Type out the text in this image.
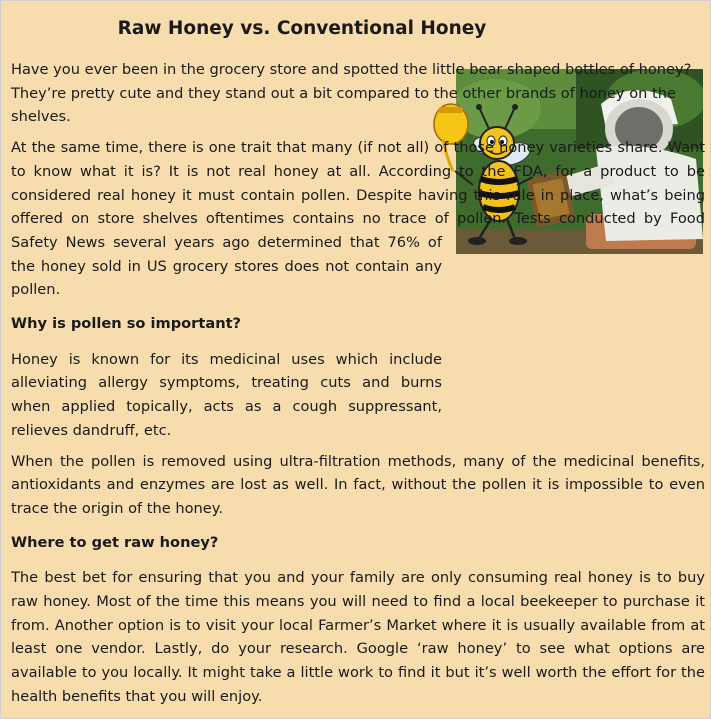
Raw Honey vs. Conventional Honey

Have you ever been in the grocery store and spotted the little bear shaped bottles of honey? They’re pretty cute and they stand out a bit compared to the other brands of honey on the shelves.

At the same time, there is one trait that many (if not all) of those honey varieties share. Want to know what it is? It is not real honey at all. According to the FDA, for a product to be considered real honey it must contain pollen. Despite having this rule in place, what’s being offered on store shelves oftentimes contains no trace of pollen. Tests conducted by Food Safety News several years ago determined that 76% of the honey sold in US grocery stores does not contain any pollen.

Why is pollen so important?

Honey is known for its medicinal uses which include alleviating allergy symptoms, treating cuts and burns when applied topically, acts as a cough suppressant, relieves dandruff, etc.

When the pollen is removed using ultra-filtration methods, many of the medicinal benefits, antioxidants and enzymes are lost as well. In fact, without the pollen it is impossible to even trace the origin of the honey.

Where to get raw honey?

The best bet for ensuring that you and your family are only consuming real honey is to buy raw honey. Most of the time this means you will need to find a local beekeeper to purchase it from. Another option is to visit your local Farmer’s Market where it is usually available from at least one vendor. Lastly, do your research. Google ‘raw honey’ to see what options are available to you locally. It might take a little work to find it but it’s well worth the effort for the health benefits that you will enjoy.
